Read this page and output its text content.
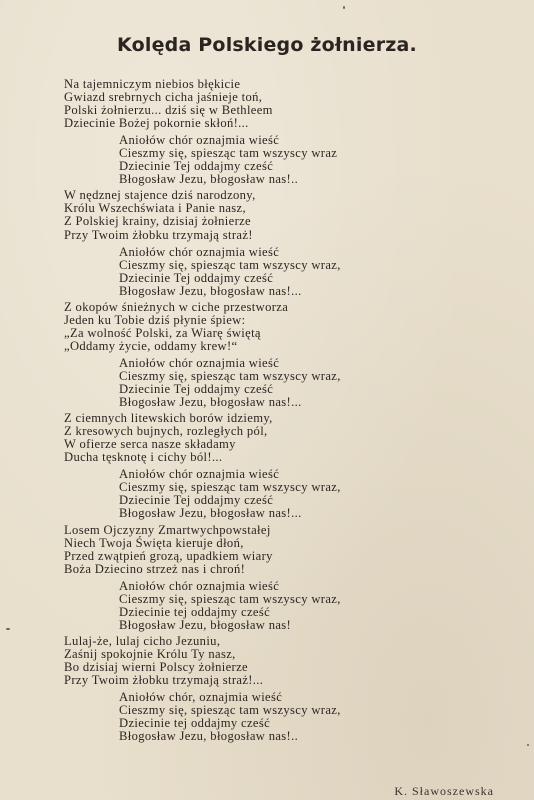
Kolęda Polskiego żołnierza.
Na tajemniczym niebios błękicie
Gwiazd srebrnych cicha jaśnieje toń,
Polski żołnierzu... dziś się w Bethleem
Dziecinie Bożej pokornie skłoń!...
Aniołów chór oznajmia wieść
Cieszmy się, spiesząc tam wszyscy wraz
Dziecinie Tej oddajmy cześć
Błogosław Jezu, błogosław nas!..
W nędznej stajence dziś narodzony,
Królu Wszechświata i Panie nasz,
Z Polskiej krainy, dzisiaj żołnierze
Przy Twoim żłobku trzymają straż!
Aniołów chór oznajmia wieść
Cieszmy się, spiesząc tam wszyscy wraz,
Dziecinie Tej oddajmy cześć
Błogosław Jezu, błogosław nas!...
Z okopów śnieżnych w ciche przestworza
Jeden ku Tobie dziś płynie śpiew:
„Za wolność Polski, za Wiarę świętą
„Oddamy życie, oddamy krew!“
Aniołów chór oznajmia wieść
Cieszmy się, spiesząc tam wszyscy wraz,
Dziecinie Tej oddajmy cześć
Błogosław Jezu, błogosław nas!...
Z ciemnych litewskich borów idziemy,
Z kresowych bujnych, rozległych pól,
W ofierze serca nasze składamy
Ducha tęsknotę i cichy ból!...
Aniołów chór oznajmia wieść
Cieszmy się, spiesząc tam wszyscy wraz,
Dziecinie Tej oddajmy cześć
Błogosław Jezu, błogosław nas!...
Losem Ojczyzny Zmartwychpowstałej
Niech Twoja Święta kieruje dłoń,
Przed zwątpień grozą, upadkiem wiary
Boża Dziecino strzeż nas i chroń!
Aniołów chór oznajmia wieść
Cieszmy się, spiesząc tam wszyscy wraz,
Dziecinie tej oddajmy cześć
Błogosław Jezu, błogosław nas!
Lulaj-że, lulaj cicho Jezuniu,
Zaśnij spokojnie Królu Ty nasz,
Bo dzisiaj wierni Polscy żołnierze
Przy Twoim żłobku trzymają straż!...
Aniołów chór, oznajmia wieść
Cieszmy się, spiesząc tam wszyscy wraz,
Dziecinie tej oddajmy cześć
Błogosław Jezu, błogosław nas!..
K. Sławoszewska
